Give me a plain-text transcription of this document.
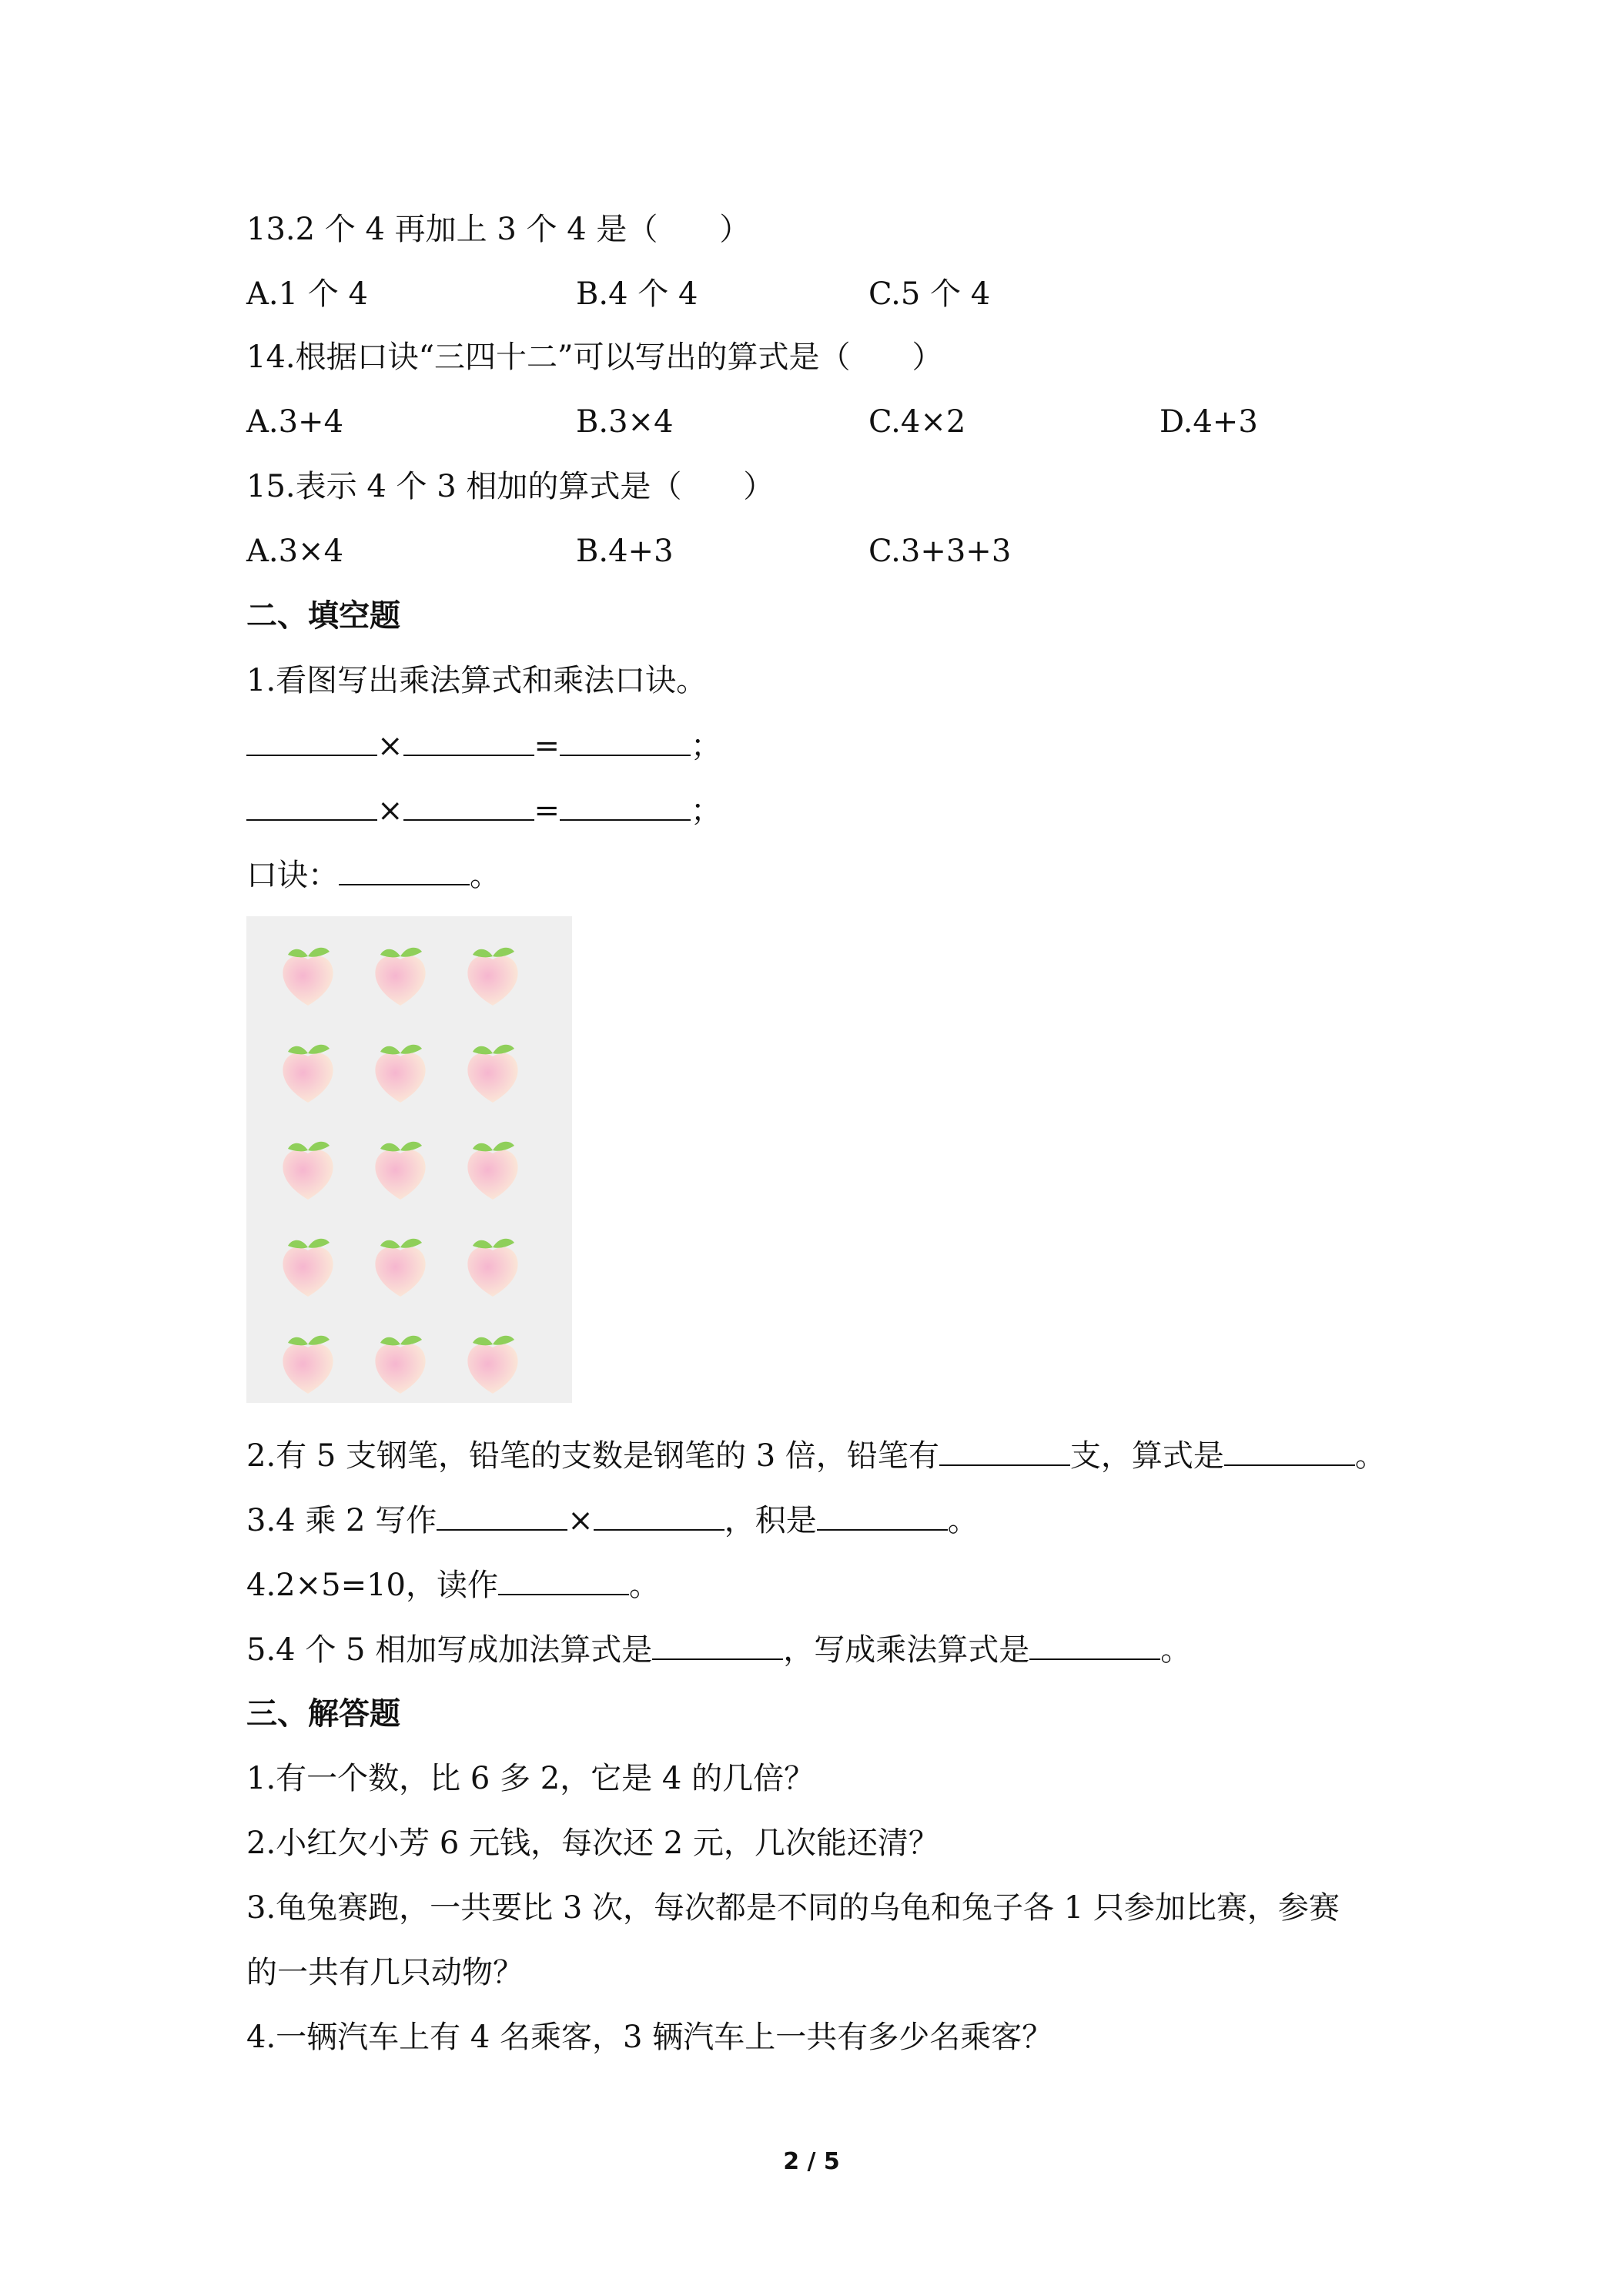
13.2 个 4 再加上 3 个 4 是（　　）
A.1 个 4	B.4 个 4	C.5 个 4
14.根据口诀“三四十二”可以写出的算式是（　　）
A.3+4	B.3×4	C.4×2	D.4+3
15.表示 4 个 3 相加的算式是（　　）
A.3×4	B.4+3	C.3+3+3
二、填空题
1.看图写出乘法算式和乘法口诀。
×	=	；
×	=	；
口诀：	。
2.有 5 支钢笔，铅笔的支数是钢笔的 3 倍，铅笔有	支，算式是	。
3.4 乘 2 写作	×	，积是	。
4.2×5=10，读作	。
5.4 个 5 相加写成加法算式是	，写成乘法算式是	。
三、解答题
1.有一个数，比 6 多 2，它是 4 的几倍？
2.小红欠小芳 6 元钱，每次还 2 元，几次能还清？
3.龟兔赛跑，一共要比 3 次，每次都是不同的乌龟和兔子各 1 只参加比赛，参赛
的一共有几只动物？
4.一辆汽车上有 4 名乘客，3 辆汽车上一共有多少名乘客？
2 / 5
